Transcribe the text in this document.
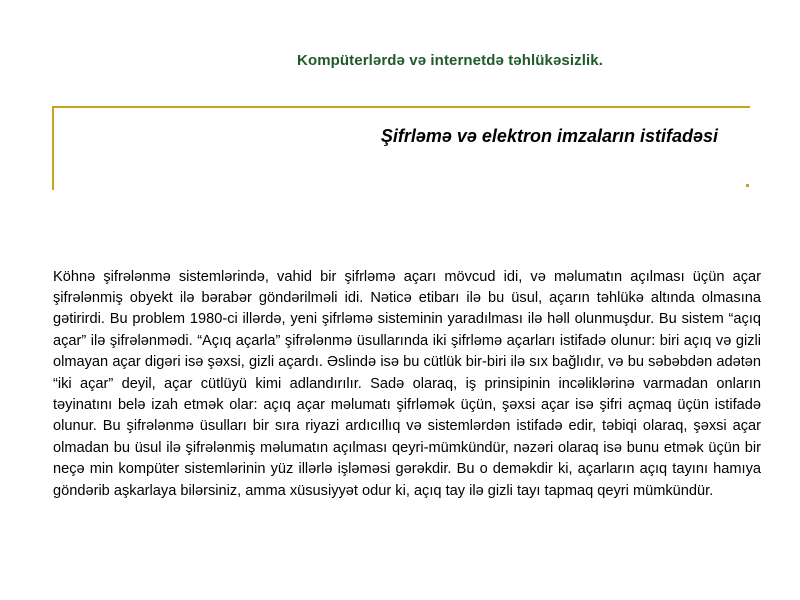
Kompüterlərdə və internetdə təhlükəsizlik.
Şifrləmə və elektron imzaların istifadəsi

Köhnə şifrələnmə sistemlərində, vahid bir şifrləmə açarı mövcud idi, və məlumatın açılması üçün açar şifrələnmiş obyekt ilə bərabər göndərilməli idi. Nəticə etibarı ilə bu üsul, açarın təhlükə altında olmasına gətirirdi. Bu problem 1980-ci illərdə, yeni şifrləmə sisteminin yaradılması ilə həll olunmuşdur. Bu sistem “açıq açar” ilə şifrələnmədi. “Açıq açarla” şifrələnmə üsullarında iki şifrləmə açarları istifadə olunur: biri açıq və gizli olmayan açar digəri isə şəxsi, gizli açardı. Əslində isə bu cütlük bir-biri ilə sıx bağlıdır, və bu səbəbdən adətən “iki açar” deyil, açar cütlüyü kimi adlandırılır. Sadə olaraq, iş prinsipinin incəliklərinə varmadan onların təyinatını belə izah etmək olar: açıq açar məlumatı şifrləmək üçün, şəxsi açar isə şifri açmaq üçün istifadə olunur. Bu şifrələnmə üsulları bir sıra riyazi ardıcıllıq və sistemlərdən istifadə edir, təbiqi olaraq, şəxsi açar olmadan bu üsul ilə şifrələnmiş məlumatın açılması qeyri-mümkündür, nəzəri olaraq isə bunu etmək üçün bir neçə min kompüter sistemlərinin yüz illərlə işləməsi gərəkdir. Bu o deməkdir ki, açarların açıq tayını hamıya göndərib aşkarlaya bilərsiniz, amma xüsusiyyət odur ki, açıq tay ilə gizli tayı tapmaq qeyri mümkündür.
